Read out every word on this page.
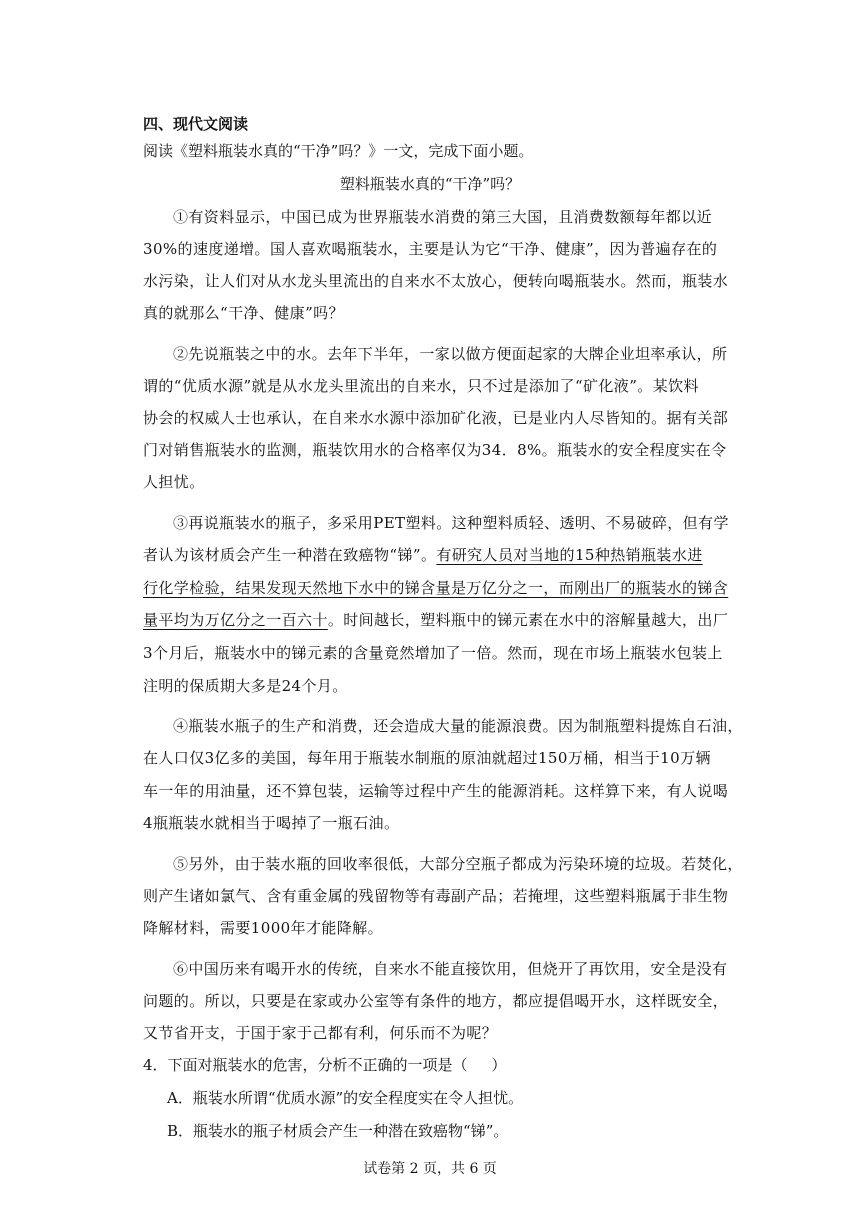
四、现代文阅读
阅读《塑料瓶装水真的“干净”吗？》一文，完成下面小题。
塑料瓶装水真的“干净”吗？
①有资料显示，中国已成为世界瓶装水消费的第三大国，且消费数额每年都以近
30%的速度递增。国人喜欢喝瓶装水，主要是认为它“干净、健康”，因为普遍存在的
水污染，让人们对从水龙头里流出的自来水不太放心，便转向喝瓶装水。然而，瓶装水
真的就那么“干净、健康”吗？
②先说瓶装之中的水。去年下半年，一家以做方便面起家的大牌企业坦率承认，所
谓的“优质水源”就是从水龙头里流出的自来水，只不过是添加了“矿化液”。某饮料
协会的权威人士也承认，在自来水水源中添加矿化液，已是业内人尽皆知的。据有关部
门对销售瓶装水的监测，瓶装饮用水的合格率仅为34．8%。瓶装水的安全程度实在令
人担忧。
③再说瓶装水的瓶子，多采用PET塑料。这种塑料质轻、透明、不易破碎，但有学
者认为该材质会产生一种潜在致癌物“锑”。有研究人员对当地的15种热销瓶装水进
行化学检验，结果发现天然地下水中的锑含量是万亿分之一，而刚出厂的瓶装水的锑含
量平均为万亿分之一百六十。时间越长，塑料瓶中的锑元素在水中的溶解量越大，出厂
3个月后，瓶装水中的锑元素的含量竟然增加了一倍。然而，现在市场上瓶装水包装上
注明的保质期大多是24个月。
④瓶装水瓶子的生产和消费，还会造成大量的能源浪费。因为制瓶塑料提炼自石油，
在人口仅3亿多的美国，每年用于瓶装水制瓶的原油就超过150万桶，相当于10万辆
车一年的用油量，还不算包装，运输等过程中产生的能源消耗。这样算下来，有人说喝
4瓶瓶装水就相当于喝掉了一瓶石油。
⑤另外，由于装水瓶的回收率很低，大部分空瓶子都成为污染环境的垃圾。若焚化，
则产生诸如氯气、含有重金属的残留物等有毒副产品；若掩埋，这些塑料瓶属于非生物
降解材料，需要1000年才能降解。
⑥中国历来有喝开水的传统，自来水不能直接饮用，但烧开了再饮用，安全是没有
问题的。所以，只要是在家或办公室等有条件的地方，都应提倡喝开水，这样既安全，
又节省开支，于国于家于己都有利，何乐而不为呢？
4．下面对瓶装水的危害，分析不正确的一项是（     ）
A．瓶装水所谓“优质水源”的安全程度实在令人担忧。
B．瓶装水的瓶子材质会产生一种潜在致癌物“锑”。
试卷第 2 页，共 6 页
